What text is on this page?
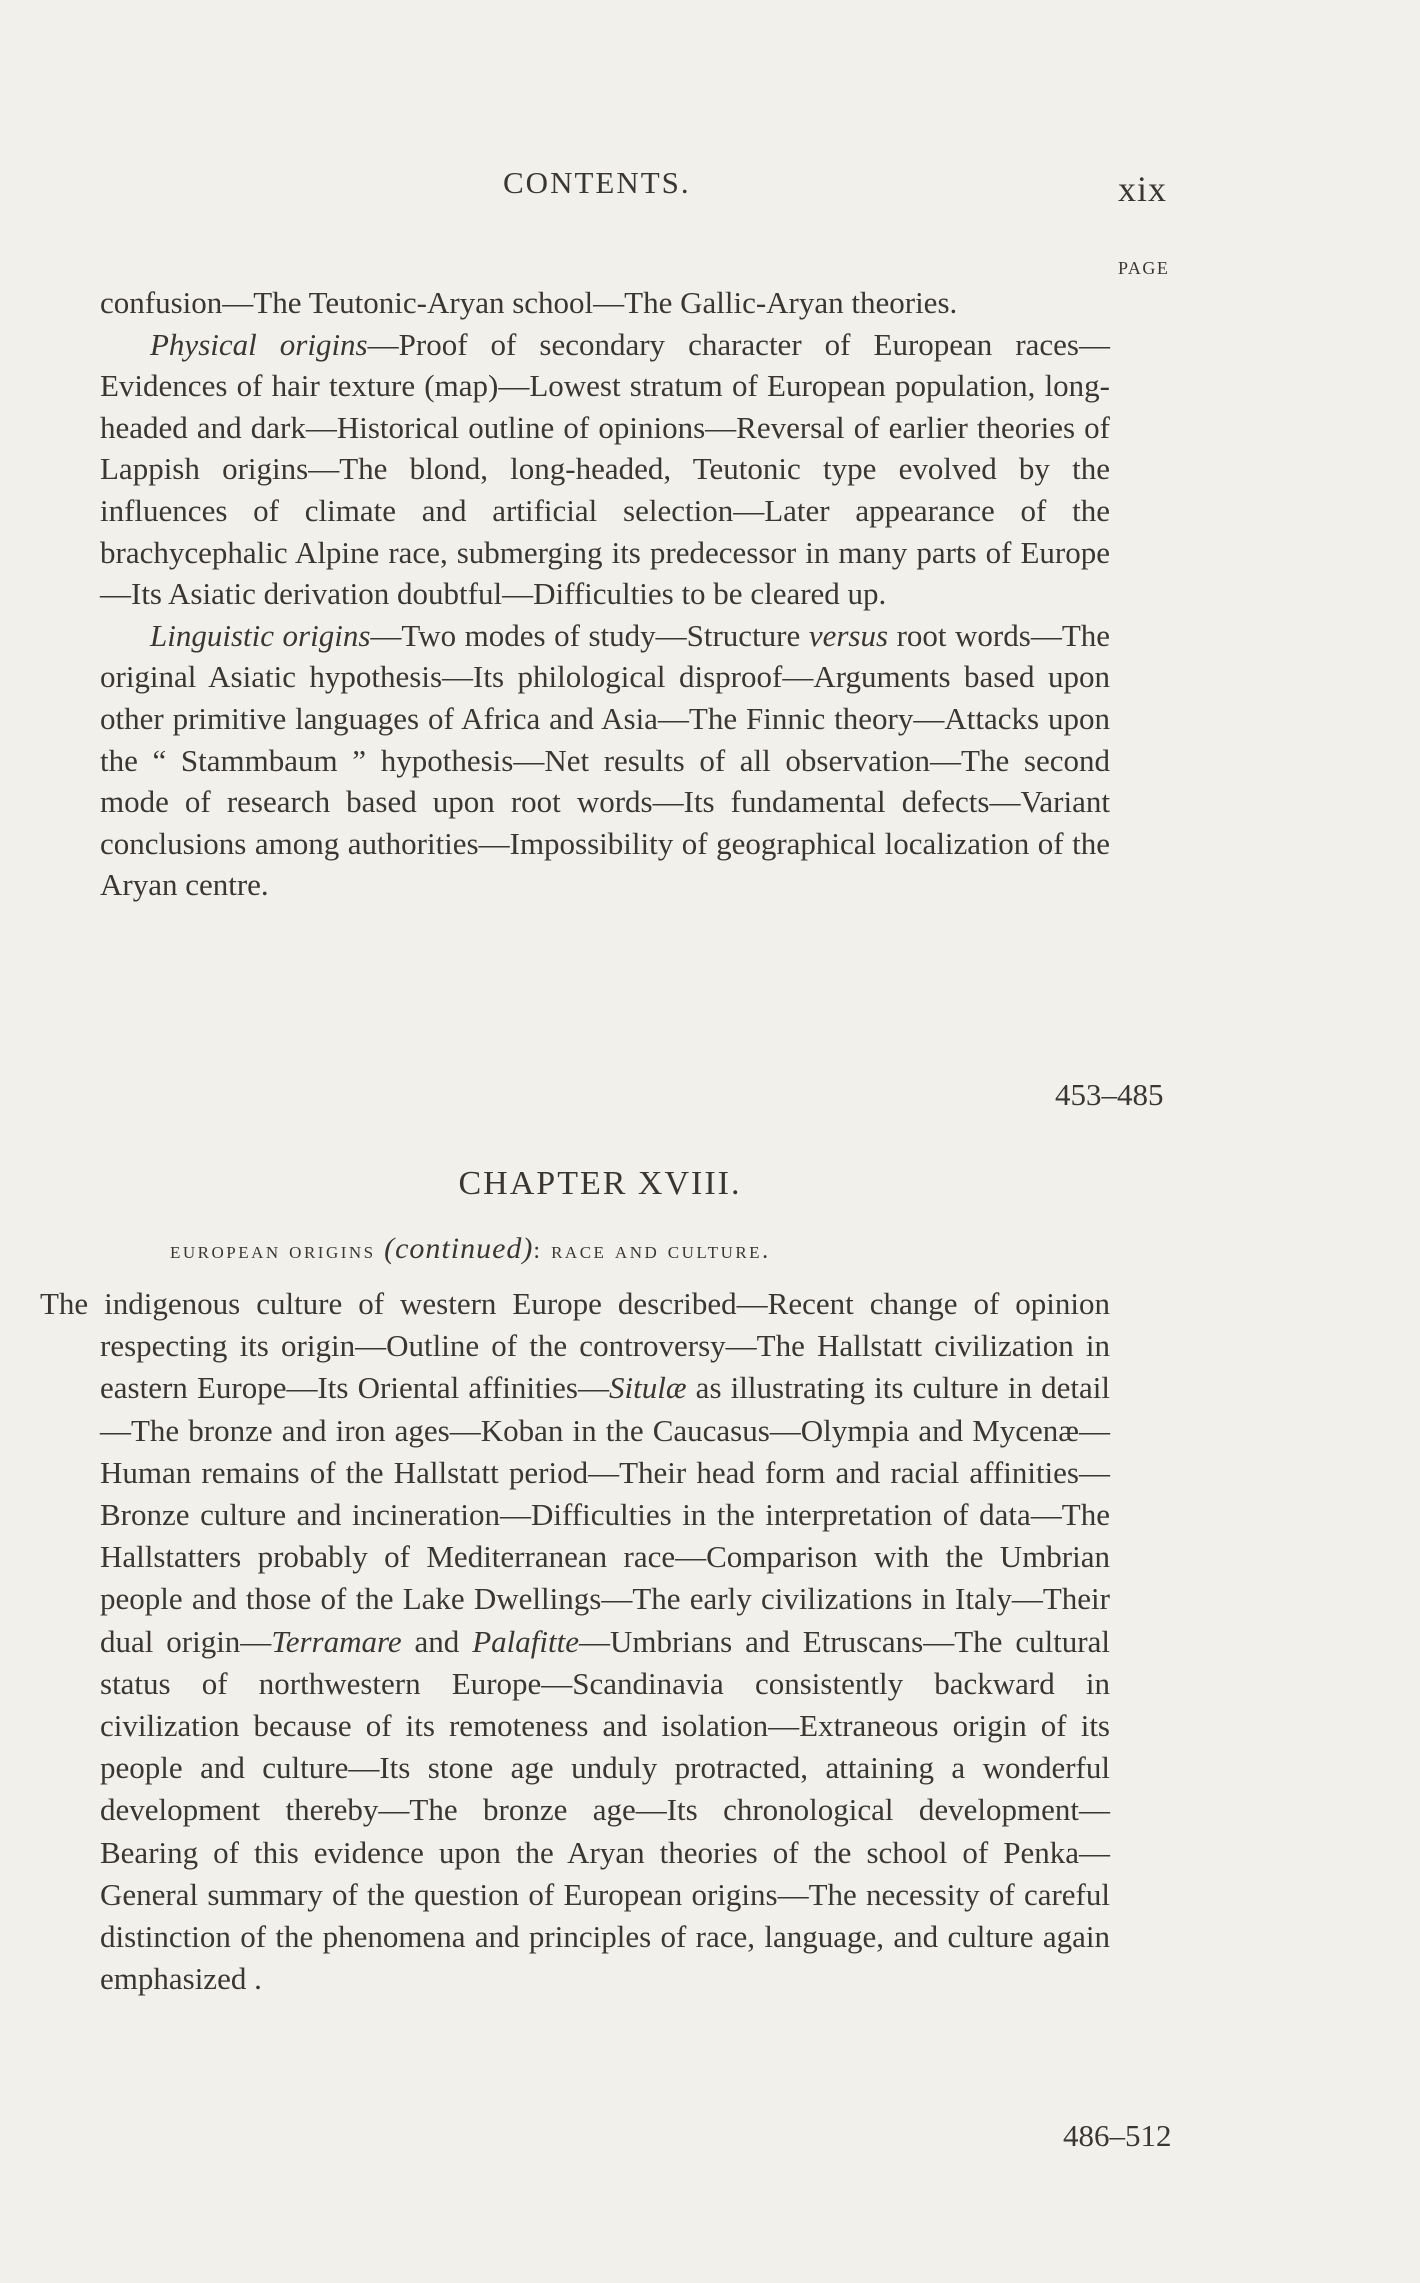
CONTENTS.	xix
PAGE

confusion—The Teutonic-Aryan school—The Gallic-Aryan theories.

Physical origins—Proof of secondary character of European races—Evidences of hair texture (map)—Lowest stratum of European population, long-headed and dark—Historical outline of opinions—Reversal of earlier theories of Lappish origins—The blond, long-headed, Teutonic type evolved by the influences of climate and artificial selection—Later appearance of the brachycephalic Alpine race, submerging its predecessor in many parts of Europe—Its Asiatic derivation doubtful—Difficulties to be cleared up.

Linguistic origins—Two modes of study—Structure versus root words—The original Asiatic hypothesis—Its philological disproof—Arguments based upon other primitive languages of Africa and Asia—The Finnic theory—Attacks upon the “ Stammbaum ” hypothesis—Net results of all observation—The second mode of research based upon root words—Its fundamental defects—Variant conclusions among authorities—Impossibility of geographical localization of the Aryan centre.

453–485
CHAPTER XVIII.
european origins (continued): race and culture.

The indigenous culture of western Europe described—Recent change of opinion respecting its origin—Outline of the controversy—The Hallstatt civilization in eastern Europe—Its Oriental affinities—Situlæ as illustrating its culture in detail—The bronze and iron ages—Koban in the Caucasus—Olympia and Mycenæ—Human remains of the Hallstatt period—Their head form and racial affinities—Bronze culture and incineration—Difficulties in the interpretation of data—The Hallstatters probably of Mediterranean race—Comparison with the Umbrian people and those of the Lake Dwellings—The early civilizations in Italy—Their dual origin—Terramare and Palafitte—Umbrians and Etruscans—The cultural status of northwestern Europe—Scandinavia consistently backward in civilization because of its remoteness and isolation—Extraneous origin of its people and culture—Its stone age unduly protracted, attaining a wonderful development thereby—The bronze age—Its chronological development—Bearing of this evidence upon the Aryan theories of the school of Penka—General summary of the question of European origins—The necessity of careful distinction of the phenomena and principles of race, language, and culture again emphasized .

486–512
